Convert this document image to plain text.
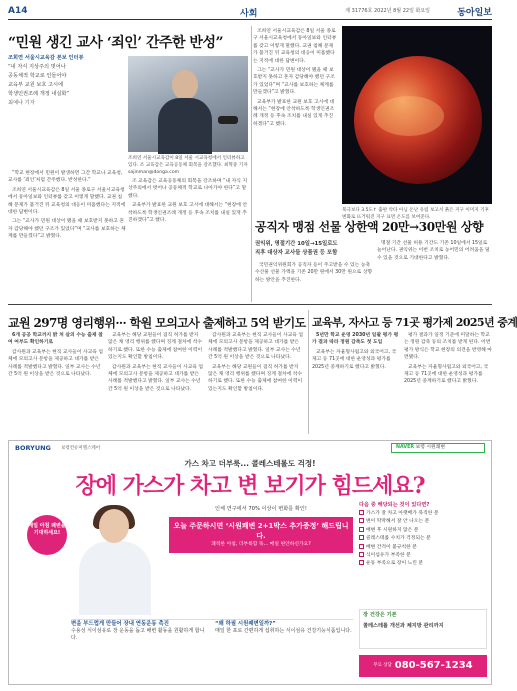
A14	사회	제 31776호 2022년 8월 22일 화요일	동아일보
“민원 생긴 교사 ‘죄인’ 간주한 반성”

조희연 서울시교육감 본보 인터뷰

“내 자식 지상주의 벗어나

공동체적 학교로 인들어야

교육부 교원 보호 고시에

학생인권조례 개정 내실화”

최예나 기자

조희연 서울시교육감이 8일 서울 시교육청에서 인터뷰하고 있다. 조 교육감은 교육공동체 회복을 강조했다. 최혁중 기자 sajinman@donga.com

“학교 현장에서 민원이 발생하면 그간 학교나 교육청, 교사를 ‘죄인’처럼 간주했다. 반성한다.”

조희연 서울시교육감은 8일 서울 종로구 서울시교육청에서 동아일보와 인터뷰를 갖고 이렇게 말했다. 교권 침해 문제가 불거진 뒤 교육청의 대응이 미흡했다는 지적에 대한 답변이다.

그는 “교사가 민원 대상이 됐을 때 보호받지 못하고 혼자 감당해야 했던 구조가 있었다”며 “교사를 보호하는 체계를 만들겠다”고 밝혔다.

조 교육감은 교육공동체의 회복을 강조하며 “내 자식 지상주의에서 벗어나 공동체적 학교로 나아가야 한다”고 말했다.

교육부가 발표한 교원 보호 고시에 대해서는 “현장에 안착하도록 학생인권조례 개정 등 후속 조치를 내실 있게 추진하겠다”고 했다.

조희연 서울시교육감은 8일 서울 종로구 서울시교육청에서 동아일보와 인터뷰를 갖고 이렇게 말했다. 교권 침해 문제가 불거진 뒤 교육청의 대응이 미흡했다는 지적에 대한 답변이다.

그는 “교사가 민원 대상이 됐을 때 보호받지 못하고 혼자 감당해야 했던 구조가 있었다”며 “교사를 보호하는 체계를 만들겠다”고 밝혔다.

교육부가 발표한 교원 보호 고시에 대해서는 “현장에 안착하도록 학생인권조례 개정 등 후속 조치를 내실 있게 추진하겠다”고 했다.

북극보다 3.5도↑ 출판 악타 아님 온난 유럽 보고서 붉은 지구 이미지 기후 변화로 뜨거워진 지구 표면 온도를 보여준다.
공직자 맹점 선물 상한액 20만→30만원 상향
권익위, 명절기간 10일→15일로도
직후 대상자 교사들 상품권 등 포함

국민권익위원회가 공직자 등이 주고받을 수 있는 농축수산물 선물 가액을 기존 20만 원에서 30만 원으로 상향하는 방안을 추진한다.

명절 기간 선물 허용 기간도 기존 10일에서 15일로 늘어난다. 권익위는 이번 조치로 농어민의 어려움을 덜 수 있을 것으로 기대한다고 밝혔다.

교원 297명 영리행위··· 학원 모의고사 출제하고 5억 받기도

6개 공공 학교까지 밝 처 살의 수능 출제 참여 여부도 확인하기로

감사원과 교육부는 현직 교사들이 사교육 업체에 모의고사 문항을 제공하고 대가를 받은 사례를 적발했다고 밝혔다. 일부 교사는 수년간 5억 원 이상을 받은 것으로 나타났다.

교육부는 해당 교원들이 겸직 허가를 받지 않은 채 영리 행위를 했다며 징계 절차에 착수하기로 했다. 또한 수능 출제에 참여한 이력이 있는지도 확인할 방침이다.

감사원과 교육부는 현직 교사들이 사교육 업체에 모의고사 문항을 제공하고 대가를 받은 사례를 적발했다고 밝혔다. 일부 교사는 수년간 5억 원 이상을 받은 것으로 나타났다.

감사원과 교육부는 현직 교사들이 사교육 업체에 모의고사 문항을 제공하고 대가를 받은 사례를 적발했다고 밝혔다. 일부 교사는 수년간 5억 원 이상을 받은 것으로 나타났다.

교육부는 해당 교원들이 겸직 허가를 받지 않은 채 영리 행위를 했다며 징계 절차에 착수하기로 했다. 또한 수능 출제에 참여한 이력이 있는지도 확인할 방침이다.

교육부, 자사고 등 71곳 평가제 2025년 중계

5년만 학교 운영 2030년 일괄 평가 평가 결과 따라 정원 감축도 첫 도입

교육부는 자율형사립고와 외국어고, 국제고 등 71곳에 대한 운영성과 평가를 2025년 중계하기로 했다고 밝혔다.

평가 결과가 일정 기준에 미달하는 학교는 정원 감축 등의 조치를 받게 된다. 이번 평가 방식은 학교 현장의 의견을 반영해 마련됐다.

교육부는 자율형사립고와 외국어고, 국제고 등 71곳에 대한 운영성과 평가를 2025년 중계하기로 했다고 밝혔다.

BORYUNG 보령컨슈머헬스케어	NAVER 보령 시원쾌변
가스 차고 더부룩... 콜레스테롤도 걱정!
장에 가스가 차고 변 보기가 힘드세요?
매일 아침 쾌변을 기대하세요!
인체 연구에서 70% 이상이 변화를 확인!
오늘 주문하시면 ‘시원쾌변 2+1박스 추가증정’ 해드립니다.
쾌적한 아침, 더부룩함 뚝... 매일 편안하신가요?
다음 중 해당되는 것이 있다면?
가스가 잘 차고 아랫배가 묵직한 분
변이 딱딱해서 잘 안 나오는 분
배변 후 시원하지 않은 분
콜레스테롤 수치가 걱정되는 분
배변 간격이 불규칙한 분
식이섬유가 부족한 분
운동 부족으로 장이 느린 분
변을 부드럽게 만들어 장내 연동운동 촉진
수용성 식이섬유로 장 운동을 돕고 배변 활동을 원활하게 합니다.
“왜 하필 시원쾌변일까?”
매일 한 포로 간편하게 섭취하는 식이섬유 건강기능식품입니다.
장 건강은 기본
콜레스테롤 개선과 체지방 관리까지
$^{무료 상담}$ 080-567-1234
